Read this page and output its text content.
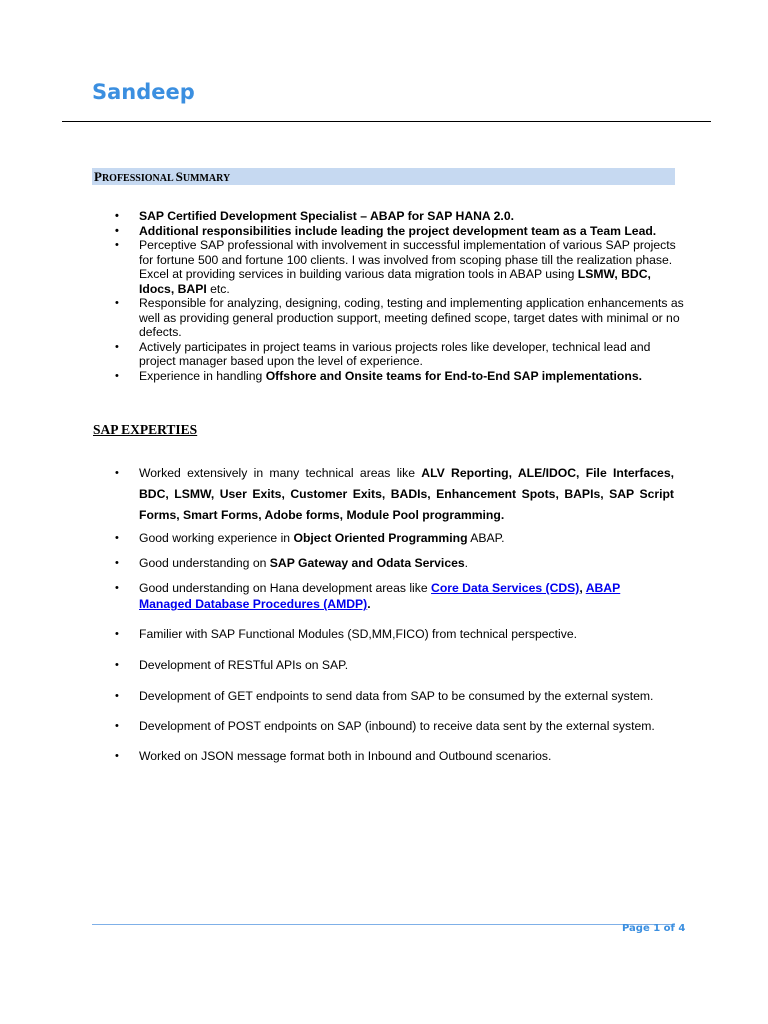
Sandeep
PROFESSIONAL SUMMARY
• SAP Certified Development Specialist – ABAP for SAP HANA 2.0.
• Additional responsibilities include leading the project development team as a Team Lead.
• Perceptive SAP professional with involvement in successful implementation of various SAP projects for fortune 500 and fortune 100 clients. I was involved from scoping phase till the realization phase. Excel at providing services in building various data migration tools in ABAP using LSMW, BDC, Idocs, BAPI etc.
• Responsible for analyzing, designing, coding, testing and implementing application enhancements as well as providing general production support, meeting defined scope, target dates with minimal or no defects.
• Actively participates in project teams in various projects roles like developer, technical lead and project manager based upon the level of experience.
• Experience in handling Offshore and Onsite teams for End-to-End SAP implementations.
SAP EXPERTIES
• Worked extensively in many technical areas like ALV Reporting, ALE/IDOC, File Interfaces, BDC, LSMW, User Exits, Customer Exits, BADIs, Enhancement Spots, BAPIs, SAP Script Forms, Smart Forms, Adobe forms, Module Pool programming.
• Good working experience in Object Oriented Programming ABAP.
• Good understanding on SAP Gateway and Odata Services.
• Good understanding on Hana development areas like Core Data Services (CDS), ABAP Managed Database Procedures (AMDP).
• Familier with SAP Functional Modules (SD,MM,FICO) from technical perspective.
• Development of RESTful APIs on SAP.
• Development of GET endpoints to send data from SAP to be consumed by the external system.
• Development of POST endpoints on SAP (inbound) to receive data sent by the external system.
• Worked on JSON message format both in Inbound and Outbound scenarios.
Page 1 of 4
